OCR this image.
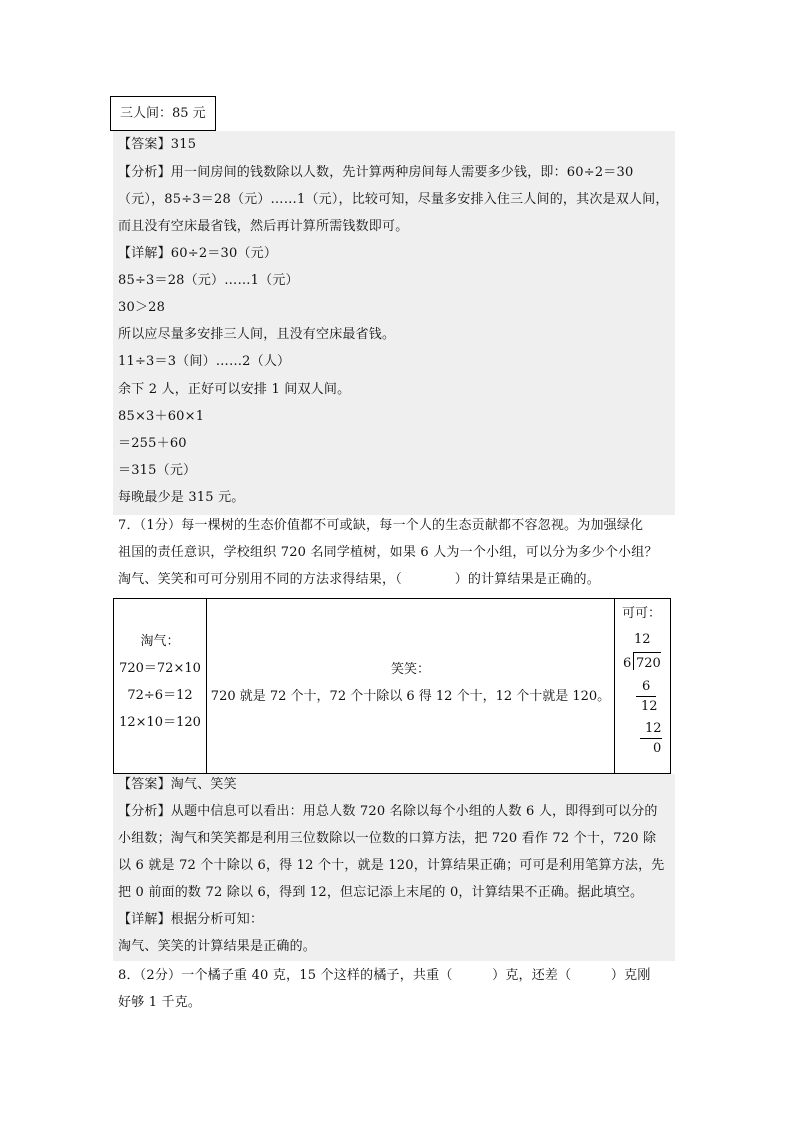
三人间：85 元
【答案】315
【分析】用一间房间的钱数除以人数，先计算两种房间每人需要多少钱，即：60÷2＝30
（元），85÷3＝28（元）……1（元），比较可知，尽量多安排入住三人间的，其次是双人间，
而且没有空床最省钱，然后再计算所需钱数即可。
【详解】60÷2＝30（元）
85÷3＝28（元）……1（元）
30＞28
所以应尽量多安排三人间，且没有空床最省钱。
11÷3＝3（间）……2（人）
余下 2 人，正好可以安排 1 间双人间。
85×3＋60×1
＝255＋60
＝315（元）
每晚最少是 315 元。
7．（1分）每一棵树的生态价值都不可或缺，每一个人的生态贡献都不容忽视。为加强绿化
祖国的责任意识，学校组织 720 名同学植树，如果 6 人为一个小组，可以分为多少个小组？
淘气、笑笑和可可分别用不同的方法求得结果，（　　　　）的计算结果是正确的。
淘气：
720＝72×10
72÷6＝12
12×10＝120
笑笑：
720 就是 72 个十，72 个十除以 6 得 12 个十，12 个十就是 120。
可可：
12
6 720
6
12
12
0
【答案】淘气、笑笑
【分析】从题中信息可以看出：用总人数 720 名除以每个小组的人数 6 人，即得到可以分的
小组数；淘气和笑笑都是利用三位数除以一位数的口算方法，把 720 看作 72 个十，720 除
以 6 就是 72 个十除以 6，得 12 个十，就是 120，计算结果正确；可可是利用笔算方法，先
把 0 前面的数 72 除以 6，得到 12，但忘记添上末尾的 0，计算结果不正确。据此填空。
【详解】根据分析可知：
淘气、笑笑的计算结果是正确的。
8．（2分）一个橘子重 40 克，15 个这样的橘子，共重（　　　）克，还差（　　　）克刚
好够 1 千克。
